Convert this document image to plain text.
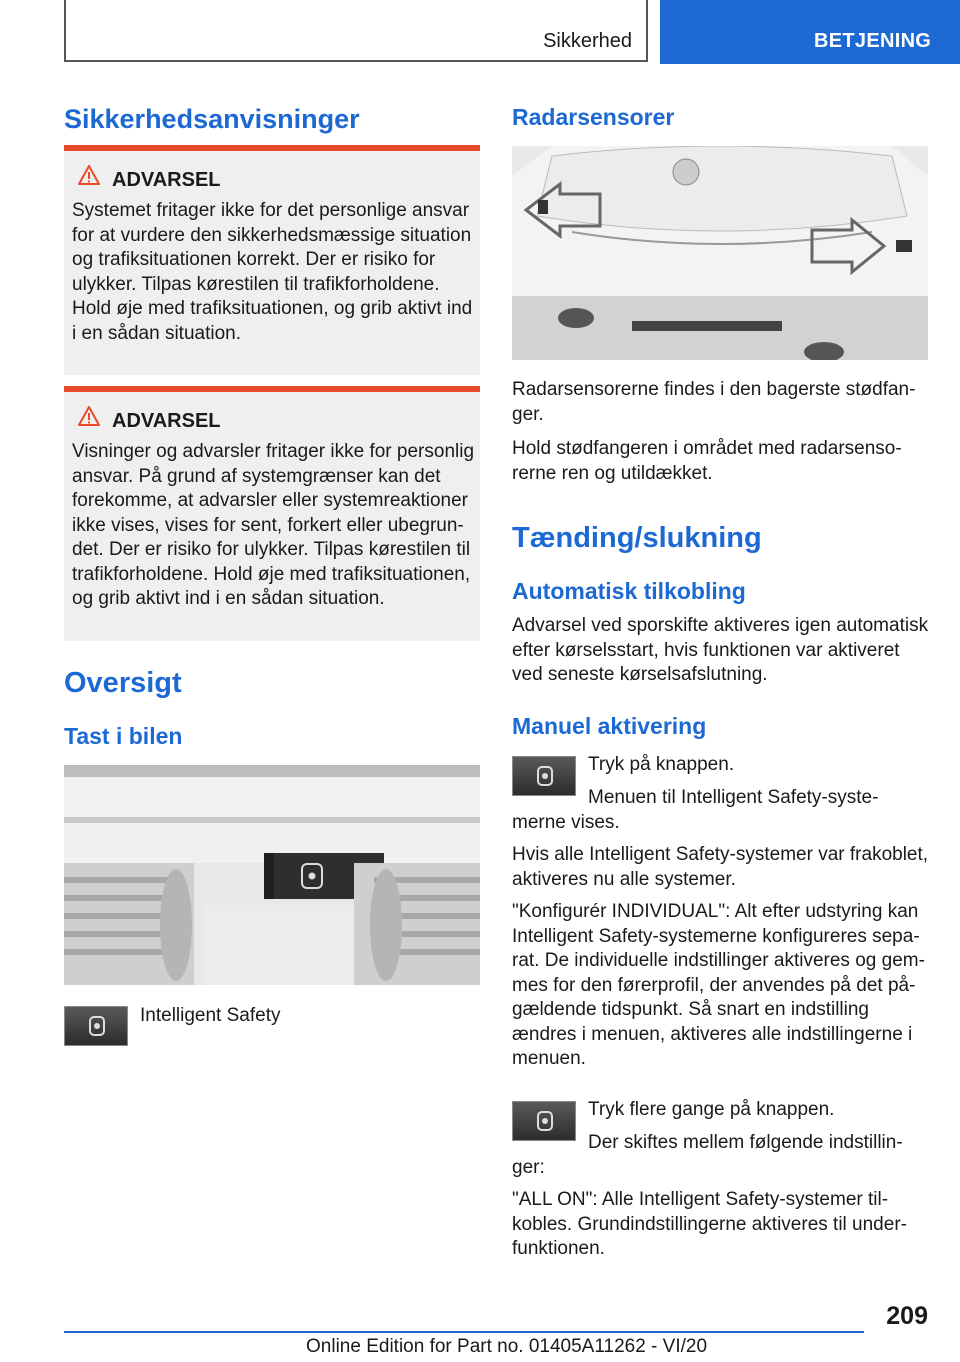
Sikkerhed	BETJENING
Sikkerhedsanvisninger
ADVARSEL
Systemet fritager ikke for det personlige ansvar for at vurdere den sikkerhedsmæssige situation og trafiksituationen korrekt. Der er risiko for ulykker. Tilpas kørestilen til trafikforholdene. Hold øje med trafiksituationen, og grib aktivt ind i en sådan situation.
ADVARSEL
Visninger og advarsler fritager ikke for personlig ansvar. På grund af systemgrænser kan det forekomme, at advarsler eller systemreaktioner ikke vises, vises for sent, forkert eller ubegrun-det. Der er risiko for ulykker. Tilpas kørestilen til trafikforholdene. Hold øje med trafiksituationen, og grib aktivt ind i en sådan situation.
Oversigt
Tast i bilen
Intelligent Safety
Radarsensorer
Radarsensorerne findes i den bagerste stødfan-ger.
Hold stødfangeren i området med radarsenso-rerne ren og utildækket.
Tænding/slukning
Automatisk tilkobling
Advarsel ved sporskifte aktiveres igen automatisk efter kørselsstart, hvis funktionen var aktiveret ved seneste kørselsafslutning.
Manuel aktivering
Tryk på knappen.
Menuen til Intelligent Safety-syste-merne vises.
Hvis alle Intelligent Safety-systemer var frakoblet, aktiveres nu alle systemer.
"Konfigurér INDIVIDUAL": Alt efter udstyring kan Intelligent Safety-systemerne konfigureres sepa-rat. De individuelle indstillinger aktiveres og gem-mes for den førerprofil, der anvendes på det på-gældende tidspunkt. Så snart en indstilling ændres i menuen, aktiveres alle indstillingerne i menuen.
Tryk flere gange på knappen.
Der skiftes mellem følgende indstillin-ger:
"ALL ON": Alle Intelligent Safety-systemer til-kobles. Grundindstillingerne aktiveres til under-funktionen.
209
Online Edition for Part no. 01405A11262 - VI/20
